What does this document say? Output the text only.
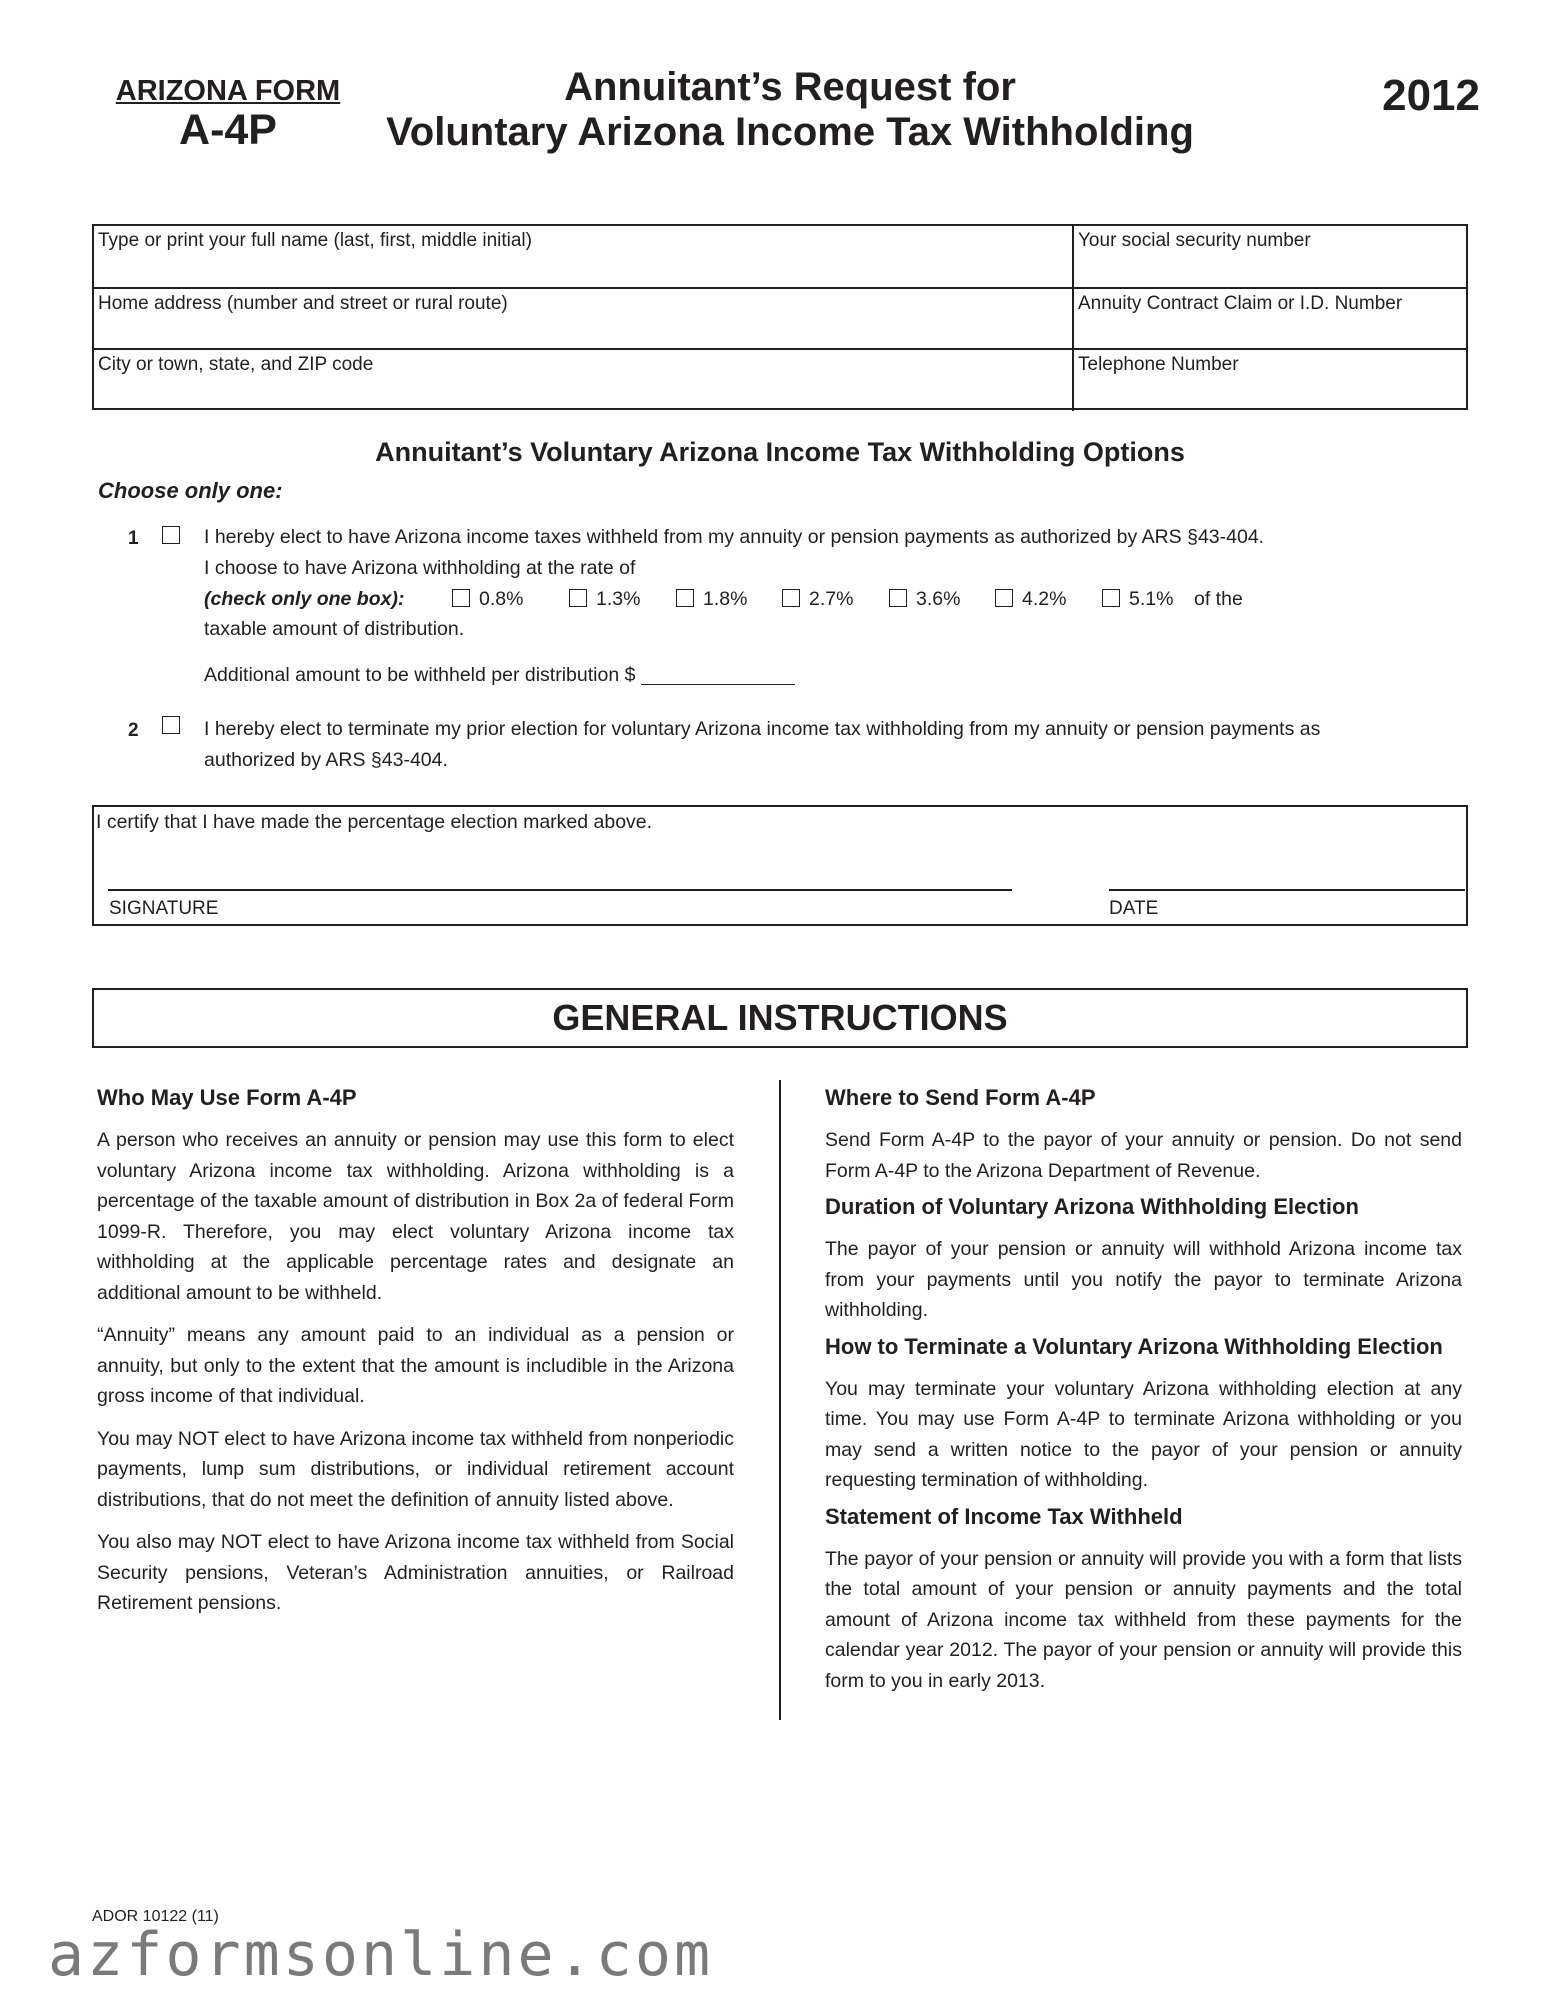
ARIZONA FORM
A-4P
Annuitant’s Request for
Voluntary Arizona Income Tax Withholding
2012
Type or print your full name (last, first, middle initial)	Your social security number
Home address (number and street or rural route)	Annuity Contract Claim or I.D. Number
City or town, state, and ZIP code	Telephone Number
Annuitant’s Voluntary Arizona Income Tax Withholding Options
Choose only one:
1	I hereby elect to have Arizona income taxes withheld from my annuity or pension payments as authorized by ARS §43-404.
I choose to have Arizona withholding at the rate of
(check only one box):	0.8%	1.3%	1.8%	2.7%	3.6%	4.2%	5.1% of the
taxable amount of distribution.
Additional amount to be withheld per distribution $
2	I hereby elect to terminate my prior election for voluntary Arizona income tax withholding from my annuity or pension payments as
authorized by ARS §43-404.
I certify that I have made the percentage election marked above.
SIGNATURE	DATE
GENERAL INSTRUCTIONS
Who May Use Form A-4P

A person who receives an annuity or pension may use this form to elect voluntary Arizona income tax withholding. Arizona withholding is a percentage of the taxable amount of distribution in Box 2a of federal Form 1099-R. Therefore, you may elect voluntary Arizona income tax withholding at the applicable percentage rates and designate an additional amount to be withheld.

“Annuity” means any amount paid to an individual as a pension or annuity, but only to the extent that the amount is includible in the Arizona gross income of that individual.

You may NOT elect to have Arizona income tax withheld from nonperiodic payments, lump sum distributions, or individual retirement account distributions, that do not meet the definition of annuity listed above.

You also may NOT elect to have Arizona income tax withheld from Social Security pensions, Veteran’s Administration annuities, or Railroad Retirement pensions.

Where to Send Form A-4P

Send Form A-4P to the payor of your annuity or pension. Do not send Form A-4P to the Arizona Department of Revenue.

Duration of Voluntary Arizona Withholding Election

The payor of your pension or annuity will withhold Arizona income tax from your payments until you notify the payor to terminate Arizona withholding.

How to Terminate a Voluntary Arizona Withholding Election

You may terminate your voluntary Arizona withholding election at any time. You may use Form A-4P to terminate Arizona withholding or you may send a written notice to the payor of your pension or annuity requesting termination of withholding.

Statement of Income Tax Withheld

The payor of your pension or annuity will provide you with a form that lists the total amount of your pension or annuity payments and the total amount of Arizona income tax withheld from these payments for the calendar year 2012. The payor of your pension or annuity will provide this form to you in early 2013.

ADOR 10122 (11)
azformsonline.com
